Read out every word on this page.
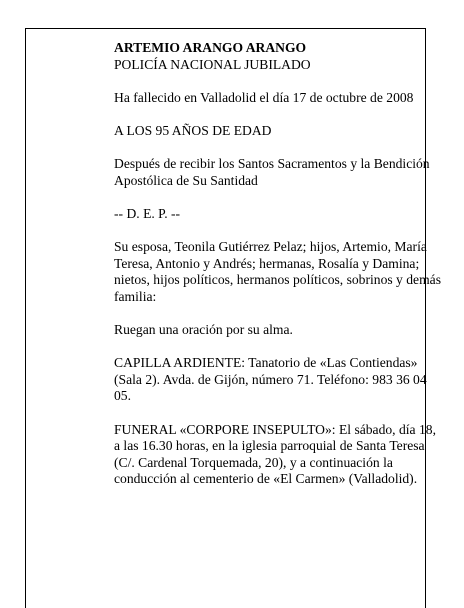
ARTEMIO ARANGO ARANGO
POLICÍA NACIONAL JUBILADO

Ha fallecido en Valladolid el día 17 de octubre de 2008

A LOS 95 AÑOS DE EDAD

Después de recibir los Santos Sacramentos y la Bendición Apostólica de Su Santidad

-- D. E. P. --

Su esposa, Teonila Gutiérrez Pelaz; hijos, Artemio, María Teresa, Antonio y Andrés; hermanas, Rosalía y Damina; nietos, hijos políticos, hermanos políticos, sobrinos y demás familia:

Ruegan una oración por su alma.

CAPILLA ARDIENTE: Tanatorio de «Las Contiendas» (Sala 2). Avda. de Gijón, número 71. Teléfono: 983 36 04 05.

FUNERAL «CORPORE INSEPULTO»: El sábado, día 18, a las 16.30 horas, en la iglesia parroquial de Santa Teresa (C/. Cardenal Torquemada, 20), y a continuación la conducción al cementerio de «El Carmen» (Valladolid).
